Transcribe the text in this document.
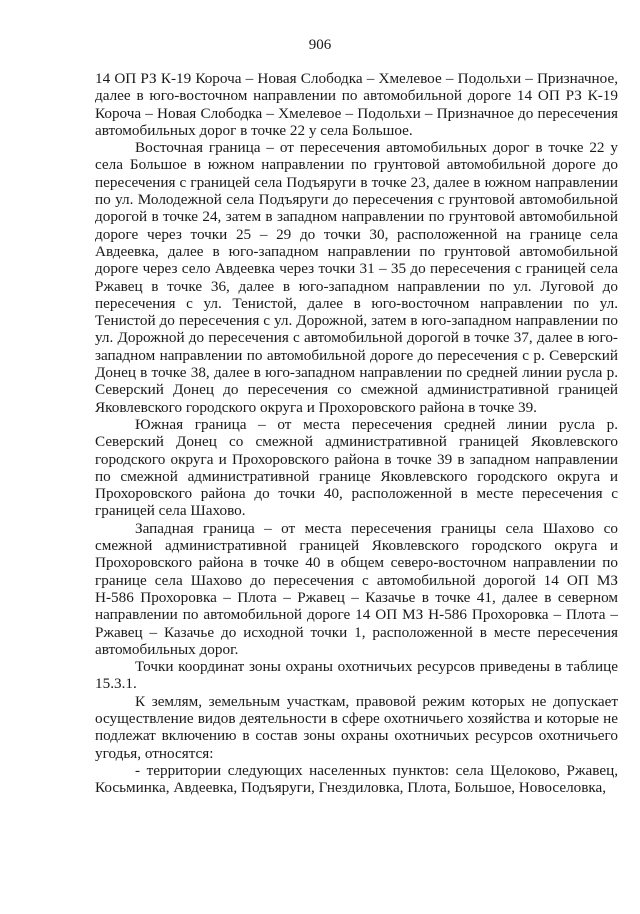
906

14 ОП РЗ К-19 Короча – Новая Слободка – Хмелевое – Подольхи – Призначное, далее в юго-восточном направлении по автомобильной дороге 14 ОП РЗ К-19 Короча – Новая Слободка – Хмелевое – Подольхи – Призначное до пересечения автомобильных дорог в точке 22 у села Большое.

Восточная граница – от пересечения автомобильных дорог в точке 22 у села Большое в южном направлении по грунтовой автомобильной дороге до пересечения с границей села Подъяруги в точке 23, далее в южном направлении по ул. Молодежной села Подъяруги до пересечения с грунтовой автомобильной дорогой в точке 24, затем в западном направлении по грунтовой автомобильной дороге через точки 25 – 29 до точки 30, расположенной на границе села Авдеевка, далее в юго-западном направлении по грунтовой автомобильной дороге через село Авдеевка через точки 31 – 35 до пересечения с границей села Ржавец в точке 36, далее в юго-западном направлении по ул. Луговой до пересечения с ул. Тенистой, далее в юго-восточном направлении по ул. Тенистой до пересечения с ул. Дорожной, затем в юго-западном направлении по ул. Дорожной до пересечения с автомобильной дорогой в точке 37, далее в юго-западном направлении по автомобильной дороге до пересечения с р. Северский Донец в точке 38, далее в юго-западном направлении по средней линии русла р. Северский Донец до пересечения со смежной административной границей Яковлевского городского округа и Прохоровского района в точке 39.

Южная граница – от места пересечения средней линии русла р. Северский Донец со смежной административной границей Яковлевского городского округа и Прохоровского района в точке 39 в западном направлении по смежной административной границе Яковлевского городского округа и Прохоровского района до точки 40, расположенной в месте пересечения с границей села Шахово.

Западная граница – от места пересечения границы села Шахово со смежной административной границей Яковлевского городского округа и Прохоровского района в точке 40 в общем северо-восточном направлении по границе села Шахово до пересечения с автомобильной дорогой 14 ОП МЗ Н-586 Прохоровка – Плота – Ржавец – Казачье в точке 41, далее в северном направлении по автомобильной дороге 14 ОП МЗ Н-586 Прохоровка – Плота – Ржавец – Казачье до исходной точки 1, расположенной в месте пересечения автомобильных дорог.

Точки координат зоны охраны охотничьих ресурсов приведены в таблице 15.3.1.

К землям, земельным участкам, правовой режим которых не допускает осуществление видов деятельности в сфере охотничьего хозяйства и которые не подлежат включению в состав зоны охраны охотничьих ресурсов охотничьего угодья, относятся:

- территории следующих населенных пунктов: села Щелоково, Ржавец, Косьминка, Авдеевка, Подъяруги, Гнездиловка, Плота, Большое, Новоселовка,
